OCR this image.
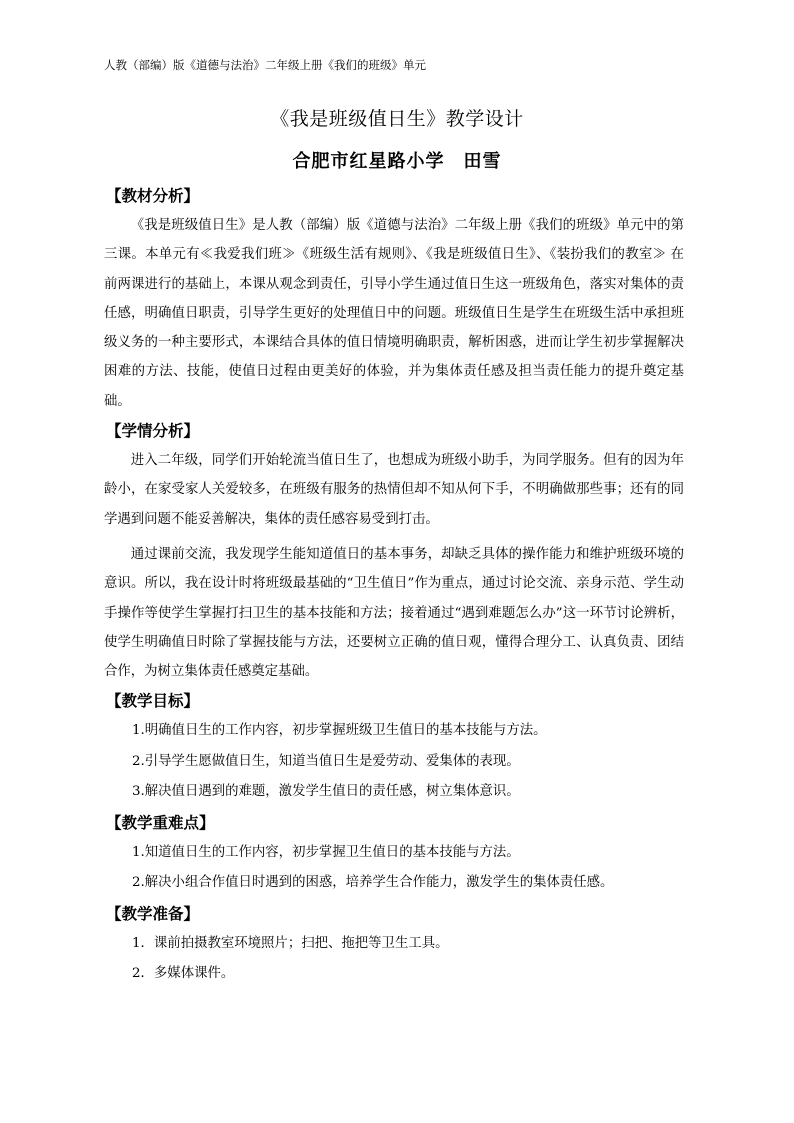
人教（部编）版《道德与法治》二年级上册《我们的班级》单元
《我是班级值日生》教学设计
合肥市红星路小学　田雪
【教材分析】

《我是班级值日生》是人教（部编）版《道德与法治》二年级上册《我们的班级》单元中的第三课。本单元有≪我爱我们班≫《班级生活有规则》、《我是班级值日生》、《装扮我们的教室≫ 在前两课进行的基础上，本课从观念到责任，引导小学生通过值日生这一班级角色，落实对集体的责任感，明确值日职责，引导学生更好的处理值日中的问题。班级值日生是学生在班级生活中承担班级义务的一种主要形式，本课结合具体的值日情境明确职责，解析困惑，进而让学生初步掌握解决困难的方法、技能，使值日过程由更美好的体验，并为集体责任感及担当责任能力的提升奠定基础。

【学情分析】

进入二年级，同学们开始轮流当值日生了，也想成为班级小助手，为同学服务。但有的因为年龄小，在家受家人关爱较多，在班级有服务的热情但却不知从何下手，不明确做那些事；还有的同学遇到问题不能妥善解决，集体的责任感容易受到打击。

通过课前交流，我发现学生能知道值日的基本事务，却缺乏具体的操作能力和维护班级环境的意识。所以，我在设计时将班级最基础的“卫生值日”作为重点，通过讨论交流、亲身示范、学生动手操作等使学生掌握打扫卫生的基本技能和方法；接着通过“遇到难题怎么办”这一环节讨论辨析，使学生明确值日时除了掌握技能与方法，还要树立正确的值日观，懂得合理分工、认真负责、团结合作，为树立集体责任感奠定基础。

【教学目标】

1.明确值日生的工作内容，初步掌握班级卫生值日的基本技能与方法。

2.引导学生愿做值日生，知道当值日生是爱劳动、爱集体的表现。

3.解决值日遇到的难题，激发学生值日的责任感，树立集体意识。

【教学重难点】

1.知道值日生的工作内容，初步掌握卫生值日的基本技能与方法。

2.解决小组合作值日时遇到的困惑，培养学生合作能力，激发学生的集体责任感。

【教学准备】

1．课前拍摄教室环境照片；扫把、拖把等卫生工具。

2．多媒体课件。
